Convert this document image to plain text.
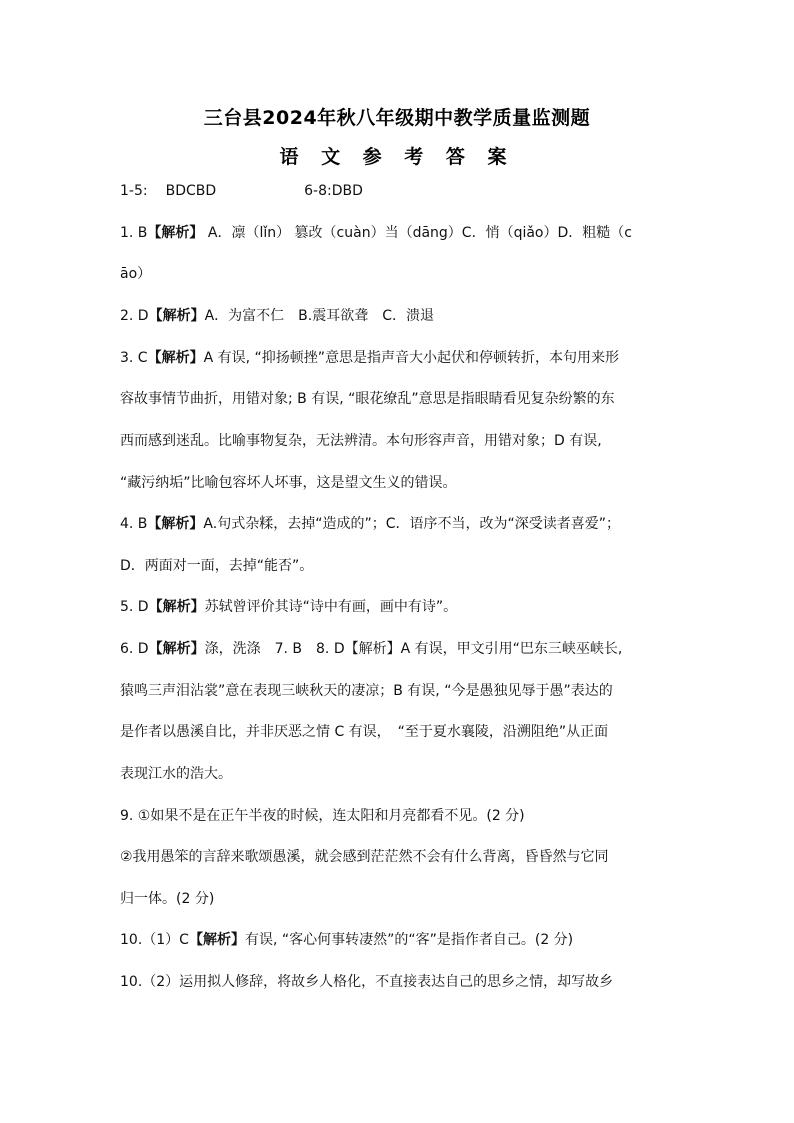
三台县2024年秋八年级期中教学质量监测题
语 文 参 考 答 案
1-5: BDCBD	6-8:DBD
1. B【解析】 A．凛（lǐn） 篡改（cuàn）当（dāng）C．悄（qiǎo）D．粗糙（c
āo）
2. D【解析】A．为富不仁　B.震耳欲聋　C．溃退
3. C【解析】A 有误, “抑扬顿挫”意思是指声音大小起伏和停顿转折，本句用来形
容故事情节曲折，用错对象; B 有误, “眼花缭乱”意思是指眼睛看见复杂纷繁的东
西而感到迷乱。比喻事物复杂，无法辨清。本句形容声音，用错对象；D 有误,
“藏污纳垢”比喻包容坏人坏事，这是望文生义的错误。
4. B【解析】A.句式杂糅，去掉“造成的”；C．语序不当，改为“深受读者喜爱”；
D．两面对一面，去掉“能否”。
5. D【解析】苏轼曾评价其诗“诗中有画，画中有诗”。
6. D【解析】涤，洗涤　7. B　8. D【解析】A 有误，甲文引用“巴东三峡巫峡长,
猿鸣三声泪沾裳”意在表现三峡秋天的凄凉；B 有误, “今是愚独见辱于愚”表达的
是作者以愚溪自比，并非厌恶之情 C 有误，　“至于夏水襄陵，沿溯阻绝”从正面
表现江水的浩大。
9. ①如果不是在正午半夜的时候，连太阳和月亮都看不见。(2 分)
②我用愚笨的言辞来歌颂愚溪，就会感到茫茫然不会有什么背离，昏昏然与它同
归一体。(2 分)
10.（1）C【解析】有误, “客心何事转凄然”的“客”是指作者自己。(2 分)
10.（2）运用拟人修辞，将故乡人格化，不直接表达自己的思乡之情，却写故乡
